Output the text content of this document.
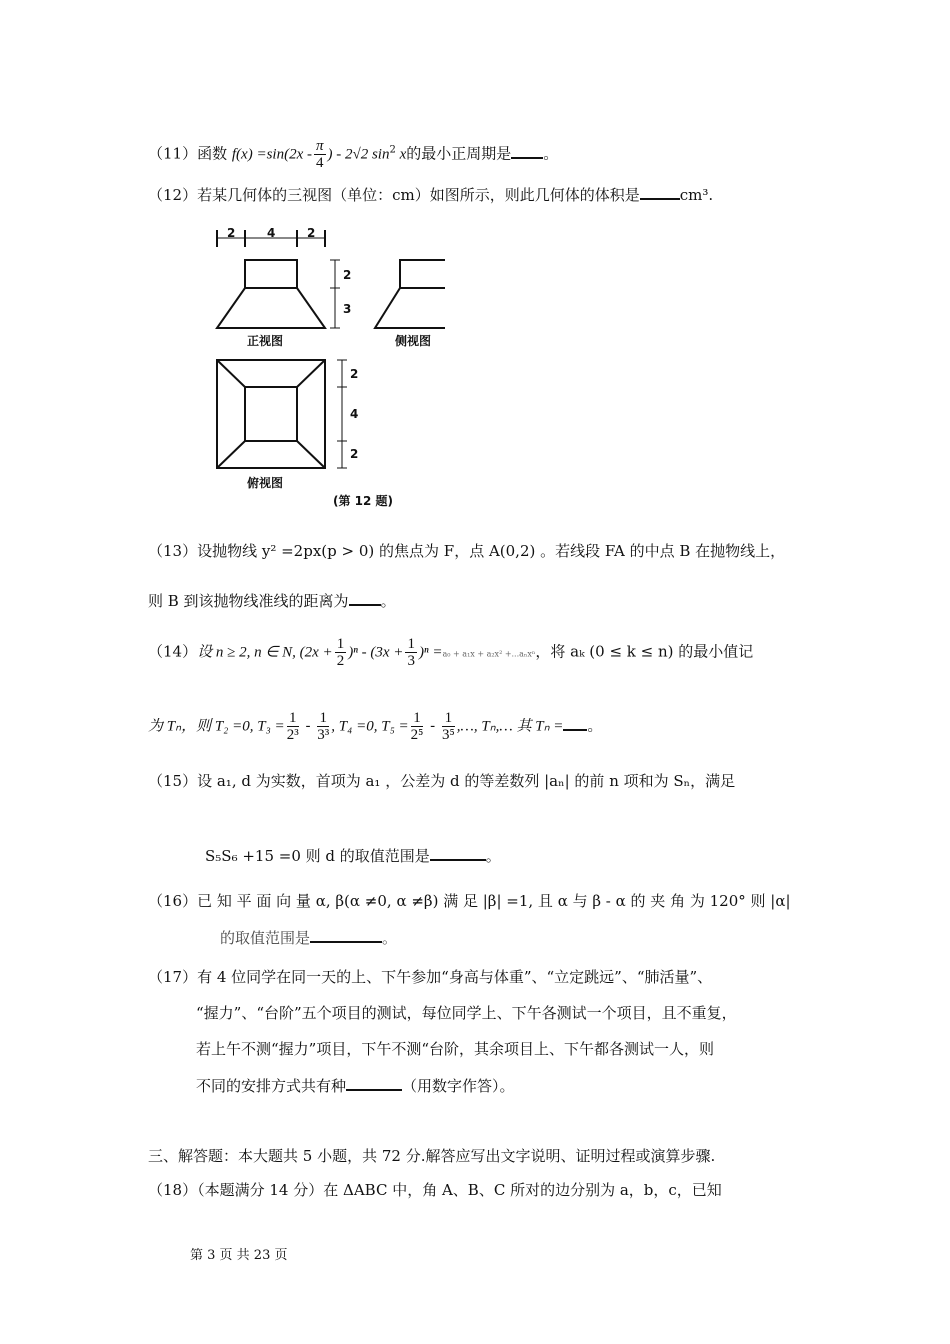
（11）函数 $f(x) =\sin(2x - \frac{\pi}{4}$ ) - 2√2 $\sin^2 x$的最小正周期是 。
（12）若某几何体的三视图（单位：cm）如图所示，则此几何体的体积是	cm³.
2	4	2
2
3
正视图	侧视图
2
4
2
俯视图
(第 12 题)
（13）设抛物线 y² =2px(p > 0) 的焦点为 F，点 A(0,2) 。若线段 FA 的中点 B 在抛物线上，
则 B 到该抛物线准线的距离为 。
（14）设 n ≥ 2, n ∈ N, $(2x + \frac{1}{2} )^n - (3x + \frac{1}{3} )^n =a_0 + a_1x + a_2x^2 +...a_nx^n$，将 aₖ (0 ≤ k ≤ n) 的最小值记
为 Tₙ，则 T₂ =0, $T_3 = \frac{1}{\text{2³}} - \frac{1}{\text{3³}}$ , T₄ =0, $T_5 = \frac{1}{\text{2⁵}} - \frac{1}{\text{3⁵}}$ ,…, Tₙ,… 其 Tₙ = 。
（15）设 a₁, d 为实数，首项为 a₁ ，公差为 d 的等差数列 |aₙ| 的前 n 项和为 Sₙ，满足
S₅S₆ +15 =0 则 d 的取值范围是	。
（16）已 知 平 面 向 量 α, β(α ≠0, α ≠β) 满 足 |β| =1, 且 α 与 β - α 的 夹 角 为 120° 则 |α|
的取值范围是	。
（17）有 4 位同学在同一天的上、下午参加“身高与体重”、“立定跳远”、“肺活量”、
“握力”、“台阶”五个项目的测试，每位同学上、下午各测试一个项目，且不重复，
若上午不测“握力”项目，下午不测“台阶，其余项目上、下午都各测试一人，则
不同的安排方式共有种	（用数字作答）。
三、解答题：本大题共 5 小题，共 72 分.解答应写出文字说明、证明过程或演算步骤.
（18）（本题满分 14 分）在 ΔABC 中，角 A、B、C 所对的边分别为 a，b，c，已知
第 3 页 共 23 页
